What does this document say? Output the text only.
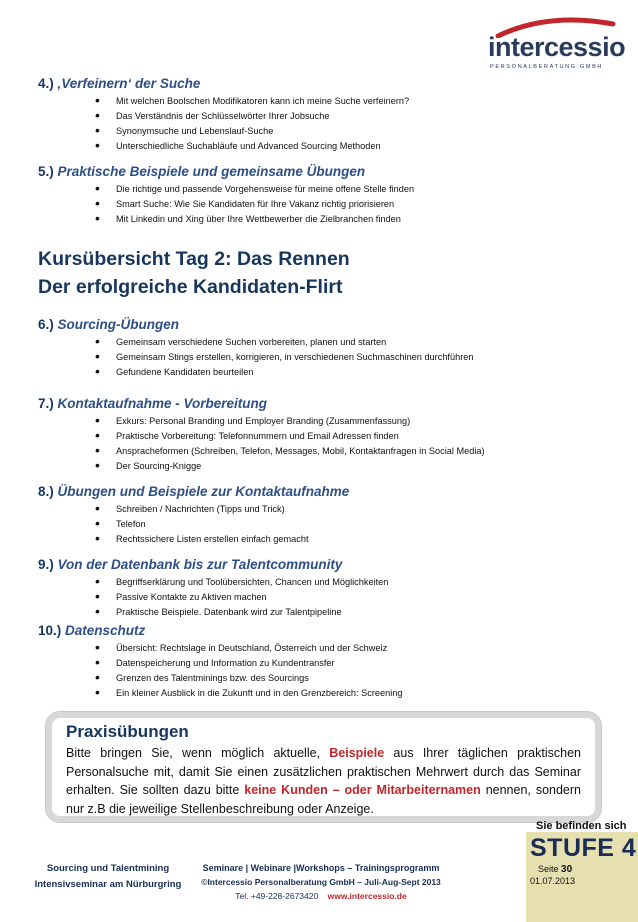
intercessio
PERSONALBERATUNG GMBH
4.) ‚Verfeinern‘ der Suche
• Mit welchen Boolschen Modifikatoren kann ich meine Suche verfeinern?
• Das Verständnis der Schlüsselwörter Ihrer Jobsuche
• Synonymsuche und Lebenslauf-Suche
• Unterschiedliche Suchabläufe und Advanced Sourcing Methoden
5.) Praktische Beispiele und gemeinsame Übungen
• Die richtige und passende Vorgehensweise für meine offene Stelle finden
• Smart Suche: Wie Sie Kandidaten für Ihre Vakanz richtig priorisieren
• Mit Linkedin und Xing über Ihre Wettbewerber die Zielbranchen finden
Kursübersicht Tag 2: Das Rennen
Der erfolgreiche Kandidaten-Flirt
6.) Sourcing-Übungen
• Gemeinsam verschiedene Suchen vorbereiten, planen und starten
• Gemeinsam Stings erstellen, korrigieren, in verschiedenen Suchmaschinen durchführen
• Gefundene Kandidaten beurteilen
7.) Kontaktaufnahme - Vorbereitung
• Exkurs: Personal Branding und Employer Branding (Zusammenfassung)
• Praktische Vorbereitung: Telefonnummern und Email Adressen finden
• Anspracheformen (Schreiben, Telefon, Messages, Mobil, Kontaktanfragen in Social Media)
• Der Sourcing-Knigge
8.) Übungen und Beispiele zur Kontaktaufnahme
• Schreiben / Nachrichten (Tipps und Trick)
• Telefon
• Rechtssichere Listen erstellen einfach gemacht
9.) Von der Datenbank bis zur Talentcommunity
• Begriffserklärung und Toolübersichten, Chancen und Möglichkeiten
• Passive Kontakte zu Aktiven machen
• Praktische Beispiele. Datenbank wird zur Talentpipeline
10.) Datenschutz
• Übersicht: Rechtslage in Deutschland, Österreich und der Schweiz
• Datenspeicherung und Information zu Kundentransfer
• Grenzen des Talentminings bzw. des Sourcings
• Ein kleiner Ausblick in die Zukunft und in den Grenzbereich: Screening
Praxisübungen
Bitte bringen Sie, wenn möglich aktuelle, Beispiele aus Ihrer täglichen praktischen Personalsuche mit, damit Sie einen zusätzlichen praktischen Mehrwert durch das Seminar erhalten. Sie sollten dazu bitte keine Kunden – oder Mitarbeiternamen nennen, sondern nur z.B die jeweilige Stellenbeschreibung oder Anzeige.
Sie befinden sich
STUFE 4
Seite 30
01.07.2013
Sourcing und Talentmining
Intensivseminar am Nürburgring
Seminare | Webinare |Workshops – Trainingsprogramm
©Intercessio Personalberatung GmbH – Juli-Aug-Sept 2013
Tel. +49-228-2673420 www.intercessio.de
